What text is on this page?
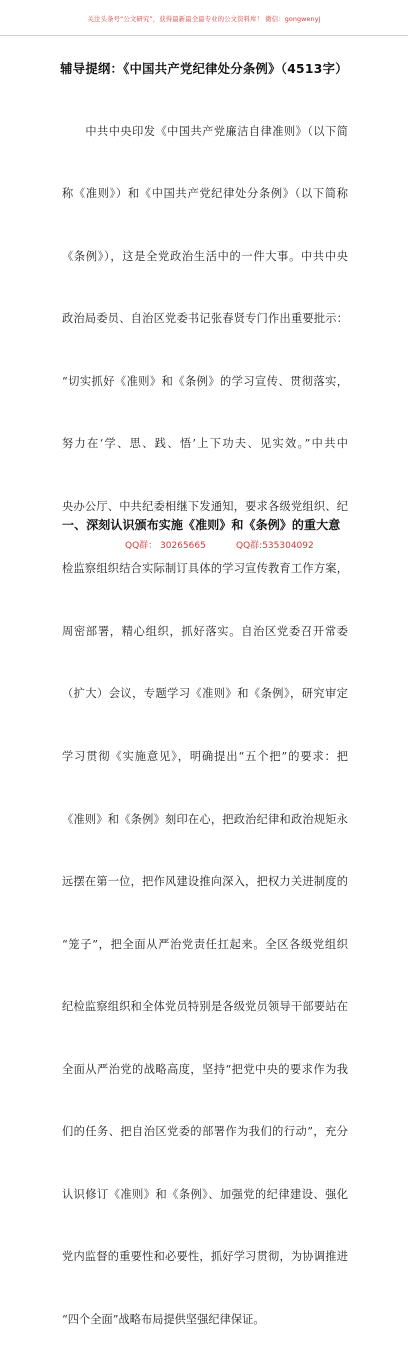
关注头条号“公文研究”，获得最新最全最专业的公文资料库！ 微信：gongwenyj
辅导提纲：《中国共产党纪律处分条例》（4513字）

　　中共中央印发《中国共产党廉洁自律准则》（以下简

称《准则》）和《中国共产党纪律处分条例》（以下简称

《条例》），这是全党政治生活中的一件大事。中共中央

政治局委员、自治区党委书记张春贤专门作出重要批示：

“切实抓好《准则》和《条例》的学习宣传、贯彻落实，

努力在‘学、思、践、悟’上下功夫、见实效。”中共中

央办公厅、中共纪委相继下发通知，要求各级党组织、纪

检监察组织结合实际制订具体的学习宣传教育工作方案，

周密部署，精心组织，抓好落实。自治区党委召开常委

（扩大）会议，专题学习《准则》和《条例》，研究审定

学习贯彻《实施意见》，明确提出“五个把”的要求：把

《准则》和《条例》刻印在心，把政治纪律和政治规矩永

远摆在第一位，把作风建设推向深入，把权力关进制度的

“笼子”，把全面从严治党责任扛起来。全区各级党组织

纪检监察组织和全体党员特别是各级党员领导干部要站在

全面从严治党的战略高度，坚持“把党中央的要求作为我

们的任务、把自治区党委的部署作为我们的行动”，充分

认识修订《准则》和《条例》、加强党的纪律建设、强化

党内监督的重要性和必要性，抓好学习贯彻，为协调推进

“四个全面”战略布局提供坚强纪律保证。

一、深刻认识颁布实施《准则》和《条例》的重大意
QQ群： 30265665	QQ群:535304092
